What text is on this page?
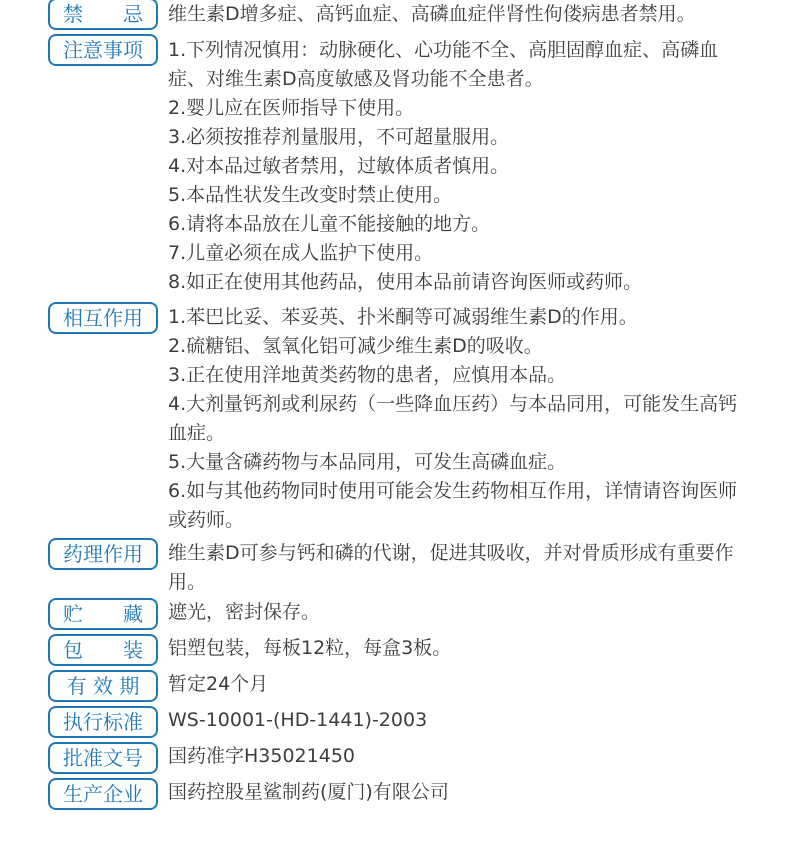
禁　　忌	维生素D增多症、高钙血症、高磷血症伴肾性佝偻病患者禁用。
注意事项	1.下列情况慎用：动脉硬化、心功能不全、高胆固醇血症、高磷血症、对维生素D高度敏感及肾功能不全患者。
2.婴儿应在医师指导下使用。
3.必须按推荐剂量服用，不可超量服用。
4.对本品过敏者禁用，过敏体质者慎用。
5.本品性状发生改变时禁止使用。
6.请将本品放在儿童不能接触的地方。
7.儿童必须在成人监护下使用。
8.如正在使用其他药品，使用本品前请咨询医师或药师。
相互作用	1.苯巴比妥、苯妥英、扑米酮等可减弱维生素D的作用。
2.硫糖铝、氢氧化铝可减少维生素D的吸收。
3.正在使用洋地黄类药物的患者，应慎用本品。
4.大剂量钙剂或利尿药（一些降血压药）与本品同用，可能发生高钙血症。
5.大量含磷药物与本品同用，可发生高磷血症。
6.如与其他药物同时使用可能会发生药物相互作用，详情请咨询医师或药师。
药理作用	维生素D可参与钙和磷的代谢，促进其吸收，并对骨质形成有重要作用。
贮　　藏	遮光，密封保存。
包　　装	铝塑包装，每板12粒，每盒3板。
有 效 期	暂定24个月
执行标准	WS-10001-(HD-1441)-2003
批准文号	国药准字H35021450
生产企业	国药控股星鲨制药(厦门)有限公司
